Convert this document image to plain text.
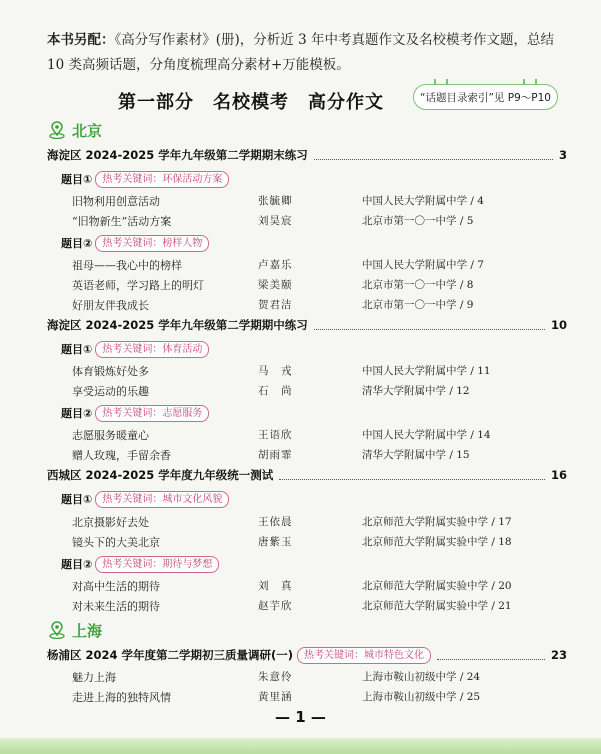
本书另配：《高分写作素材》(册)，分析近 3 年中考真题作文及名校模考作文题，总结 10 类高频话题，分角度梳理高分素材+万能模板。
第一部分　名校模考　高分作文	“话题目录索引”见 P9～P10
北京
海淀区 2024-2025 学年九年级第二学期期末练习	3
题目①	热考关键词：环保活动方案
旧物利用创意活动	张毓卿	中国人民大学附属中学 / 4
“旧物新生”活动方案	刘昊宸	北京市第一〇一中学 / 5
题目②	热考关键词：榜样人物
祖母——我心中的榜样	卢嘉乐	中国人民大学附属中学 / 7
英语老师，学习路上的明灯	梁美颐	北京市第一〇一中学 / 8
好朋友伴我成长	贺君洁	北京市第一〇一中学 / 9
海淀区 2024-2025 学年九年级第二学期期中练习	10
题目①	热考关键词：体育活动
体育锻炼好处多	马　戎	中国人民大学附属中学 / 11
享受运动的乐趣	石　尚	清华大学附属中学 / 12
题目②	热考关键词：志愿服务
志愿服务暖童心	王语欣	中国人民大学附属中学 / 14
赠人玫瑰，手留余香	胡雨霏	清华大学附属中学 / 15
西城区 2024-2025 学年度九年级统一测试	16
题目①	热考关键词：城市文化风貌
北京摄影好去处	王依晨	北京师范大学附属实验中学 / 17
镜头下的大美北京	唐紫玉	北京师范大学附属实验中学 / 18
题目②	热考关键词：期待与梦想
对高中生活的期待	刘　真	北京师范大学附属实验中学 / 20
对未来生活的期待	赵芋欣	北京师范大学附属实验中学 / 21
上海
杨浦区 2024 学年度第二学期初三质量调研(一)	热考关键词：城市特色文化	23
魅力上海	朱意伶	上海市鞍山初级中学 / 24
走进上海的独特风情	黄里涵	上海市鞍山初级中学 / 25
— 1 —
